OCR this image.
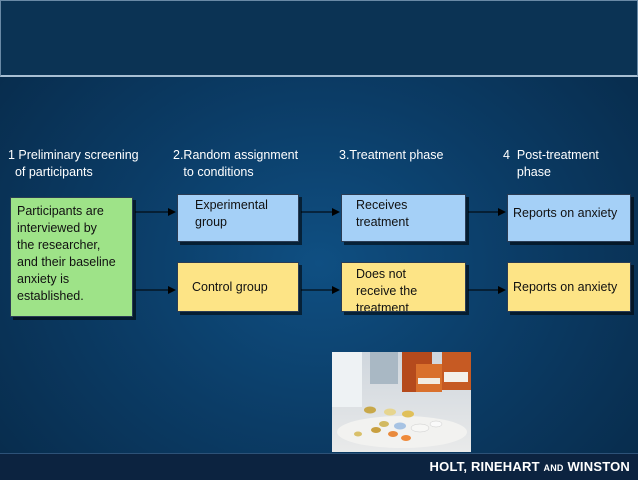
1 Preliminary screening
of participants
2.Random assignment
to conditions
3.Treatment phase	4  Post-treatment
phase
Participants are
interviewed by
the researcher,
and their baseline
anxiety is
established.
Experimental
group
Control group
Receives
treatment
Does not
receive the
treatment
Reports on anxiety
Reports on anxiety
HOLT, RINEHART AND WINSTON
